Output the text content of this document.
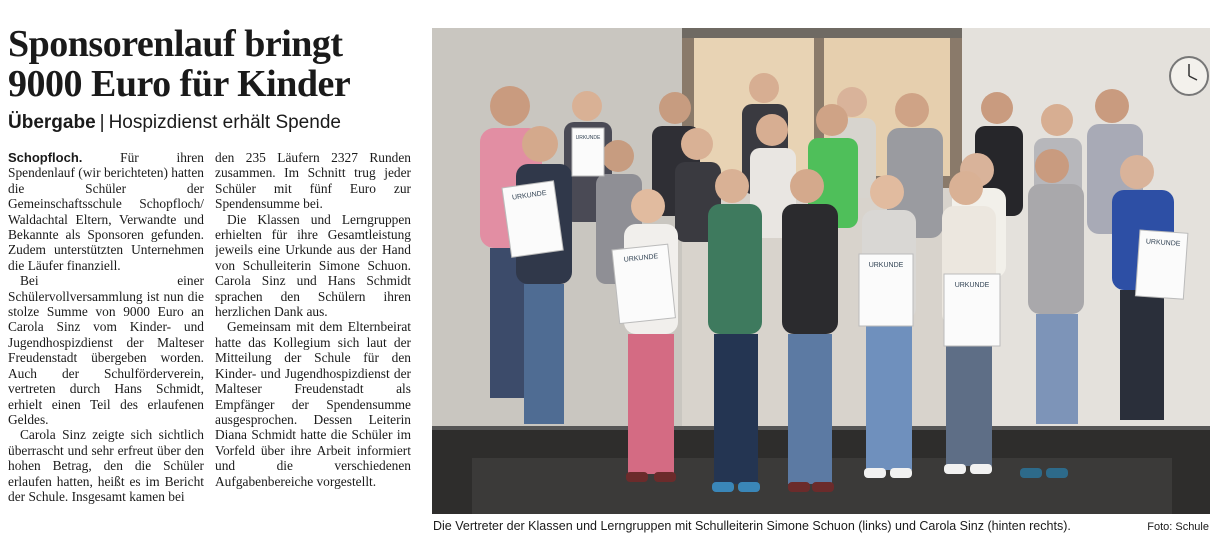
Sponsorenlauf bringt 9000 Euro für Kinder
Übergabe | Hospizdienst erhält Spende

Schopfloch.	Für ihren Spendenlauf (wir berichteten) hatten die Schüler der Gemeinschaftsschule Schopfloch/ Waldachtal Eltern, Verwandte und Bekannte als Sponsoren gefunden. Zudem unterstützten Unternehmen die Läufer finanziell.

Bei einer Schülervollversammlung ist nun die stolze Summe von 9000 Euro an Carola Sinz vom Kinder- und Jugendhospizdienst der Malteser Freudenstadt übergeben worden. Auch der Schulförderverein, vertreten durch Hans Schmidt, erhielt einen Teil des erlaufenen Geldes.

Carola Sinz zeigte sich sichtlich überrascht und sehr erfreut über den hohen Betrag, den die Schüler erlaufen hatten, heißt es im Bericht der Schule. Insgesamt kamen bei

den 235 Läufern 2327 Runden zusammen. Im Schnitt trug jeder Schüler mit fünf Euro zur Spendensumme bei.

Die Klassen und Lerngruppen erhielten für ihre Gesamtleistung jeweils eine Urkunde aus der Hand von Schulleiterin Simone Schuon. Carola Sinz und Hans Schmidt sprachen den Schülern ihren herzlichen Dank aus.

Gemeinsam mit dem Elternbeirat hatte das Kollegium sich laut der Mitteilung der Schule für den Kinder- und Jugendhospizdienst der Malteser Freudenstadt als Empfänger der Spendensumme ausgesprochen. Dessen Leiterin Diana Schmidt hatte die Schüler im Vorfeld über ihre Arbeit informiert und die verschiedenen Aufgabenbereiche vorgestellt.

URKUNDE
URKUNDE
URKUNDE
URKUNDE
URKUNDE
URKUNDE
Die Vertreter der Klassen und Lerngruppen mit Schulleiterin Simone Schuon (links) und Carola Sinz (hinten rechts).	Foto: Schule
